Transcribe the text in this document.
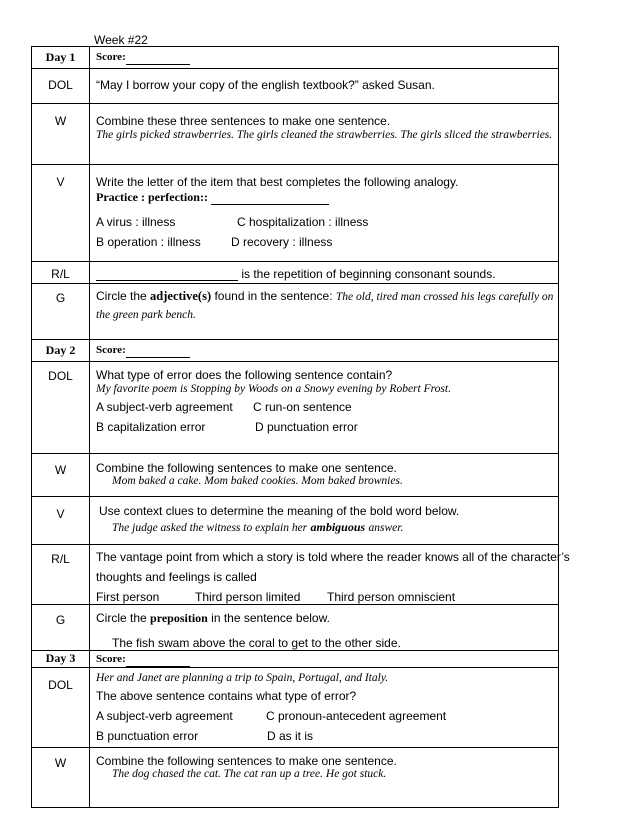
Week #22
Day 1	Score:

DOL	“May I borrow your copy of the english textbook?” asked Susan.

W	Combine these three sentences to make one sentence.
The girls picked strawberries. The girls cleaned the strawberries. The girls sliced the strawberries.

V	Write the letter of the item that best completes the following analogy.
Practice : perfection::
A virus : illness C hospitalization : illness
B operation : illness D recovery : illness

R/L	is the repetition of beginning consonant sounds.

G	Circle the adjective(s) found in the sentence: The old, tired man crossed his legs carefully on
the green park bench.

Day 2	Score:

DOL	What type of error does the following sentence contain?
My favorite poem is Stopping by Woods on a Snowy evening by Robert Frost.
A subject-verb agreement C run-on sentence
B capitalization error D punctuation error

W	Combine the following sentences to make one sentence.
Mom baked a cake. Mom baked cookies. Mom baked brownies.

V	Use context clues to determine the meaning of the bold word below.
The judge asked the witness to explain her ambiguous answer.

R/L	The vantage point from which a story is told where the reader knows all of the character’s
thoughts and feelings is called
First person Third person limited Third person omniscient

G	Circle the preposition in the sentence below.
The fish swam above the coral to get to the other side.

Day 3	Score:

DOL	Her and Janet are planning a trip to Spain, Portugal, and Italy.
The above sentence contains what type of error?
A subject-verb agreement C pronoun-antecedent agreement
B punctuation error D as it is

W	Combine the following sentences to make one sentence.
The dog chased the cat. The cat ran up a tree. He got stuck.
